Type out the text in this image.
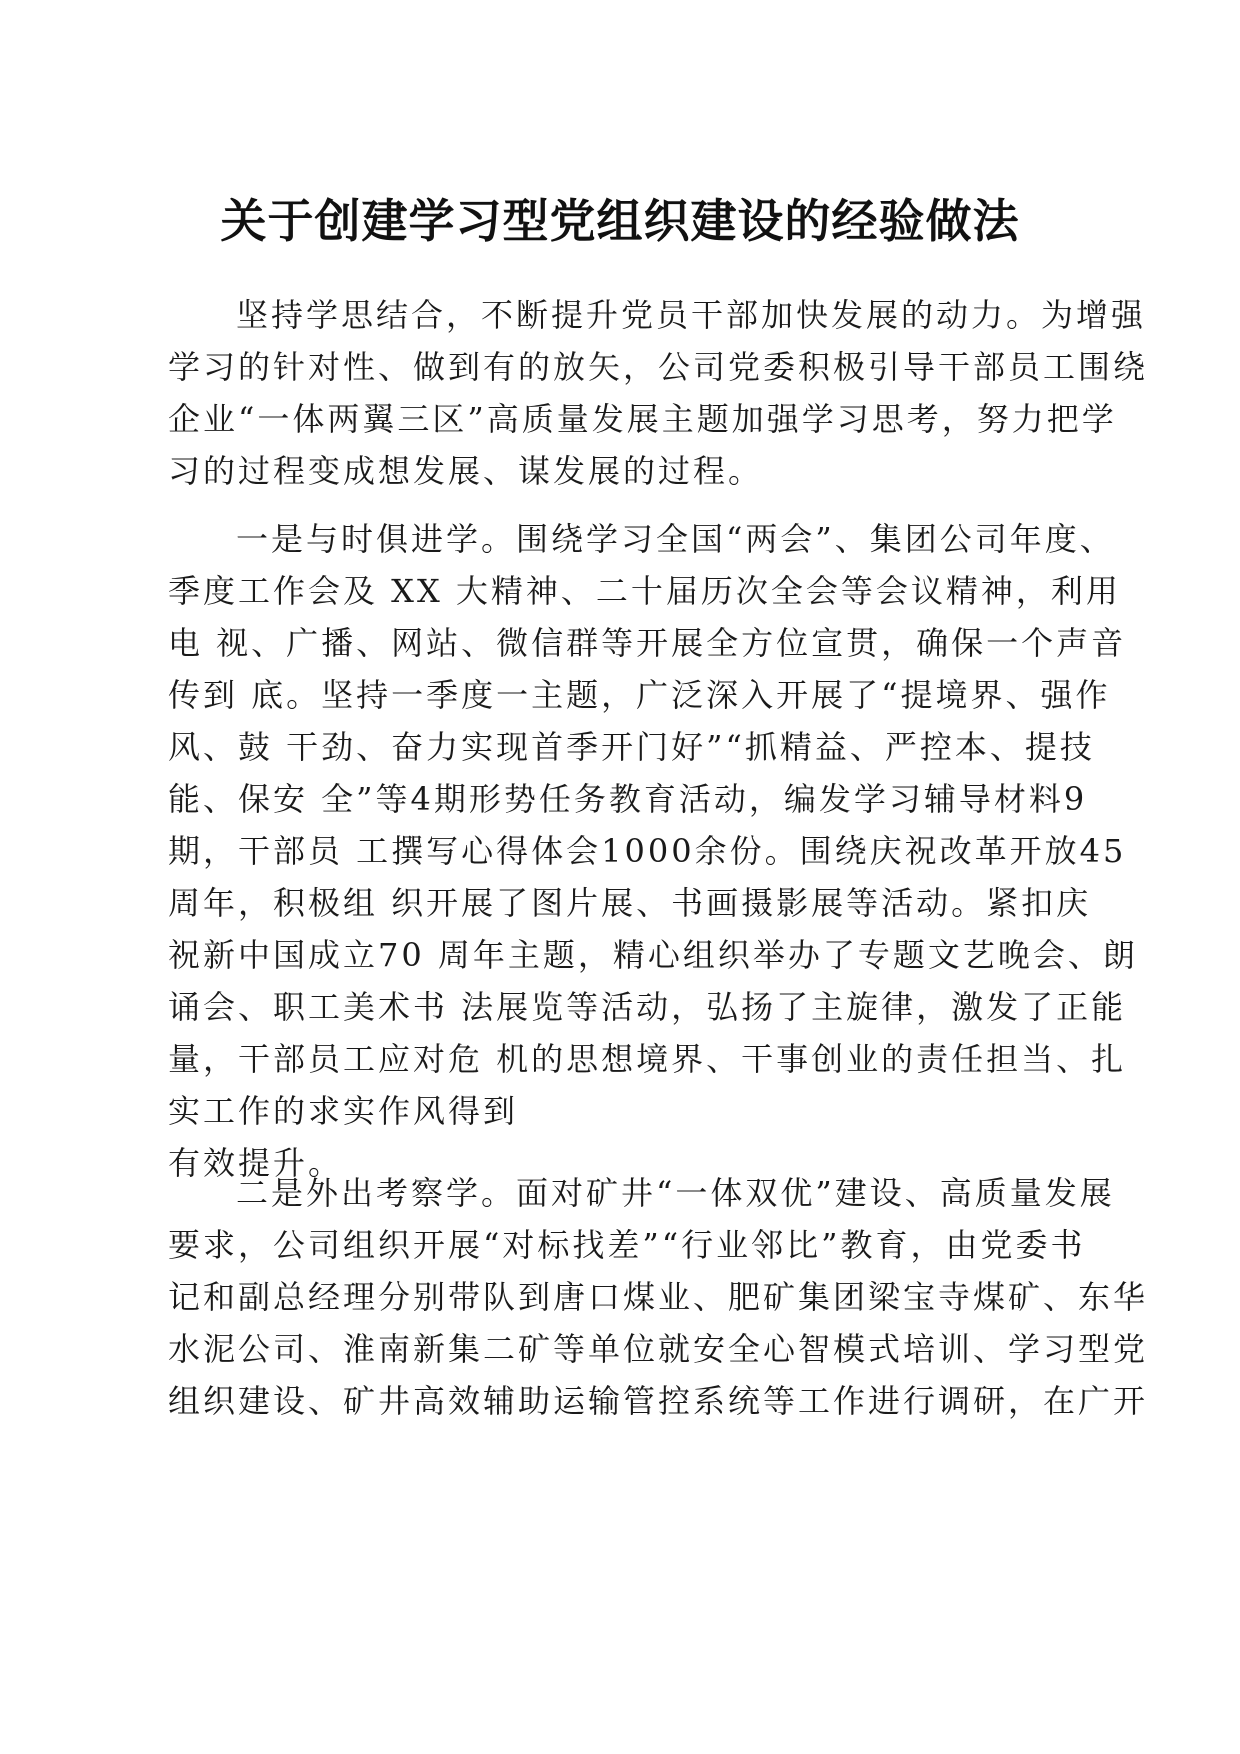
关于创建学习型党组织建设的经验做法
坚持学思结合，不断提升党员干部加快发展的动力。为增强
学习的针对性、做到有的放矢，公司党委积极引导干部员工围绕
企业“一体两翼三区”高质量发展主题加强学习思考，努力把学
习的过程变成想发展、谋发展的过程。
一是与时俱进学。围绕学习全国“两会”、集团公司年度、
季度工作会及 XX 大精神、二十届历次全会等会议精神，利用
电 视、广播、网站、微信群等开展全方位宣贯，确保一个声音
传到 底。坚持一季度一主题，广泛深入开展了“提境界、强作
风、鼓 干劲、奋力实现首季开门好”“抓精益、严控本、提技
能、保安 全”等4期形势任务教育活动，编发学习辅导材料9
期，干部员 工撰写心得体会1000余份。围绕庆祝改革开放45
周年，积极组 织开展了图片展、书画摄影展等活动。紧扣庆
祝新中国成立70 周年主题，精心组织举办了专题文艺晚会、朗
诵会、职工美术书 法展览等活动，弘扬了主旋律，激发了正能
量，干部员工应对危 机的思想境界、干事创业的责任担当、扎
实工作的求实作风得到
有效提升。
二是外出考察学。面对矿井“一体双优”建设、高质量发展
要求，公司组织开展“对标找差”“行业邻比”教育，由党委书
记和副总经理分别带队到唐口煤业、肥矿集团梁宝寺煤矿、东华
水泥公司、淮南新集二矿等单位就安全心智模式培训、学习型党
组织建设、矿井高效辅助运输管控系统等工作进行调研，在广开
